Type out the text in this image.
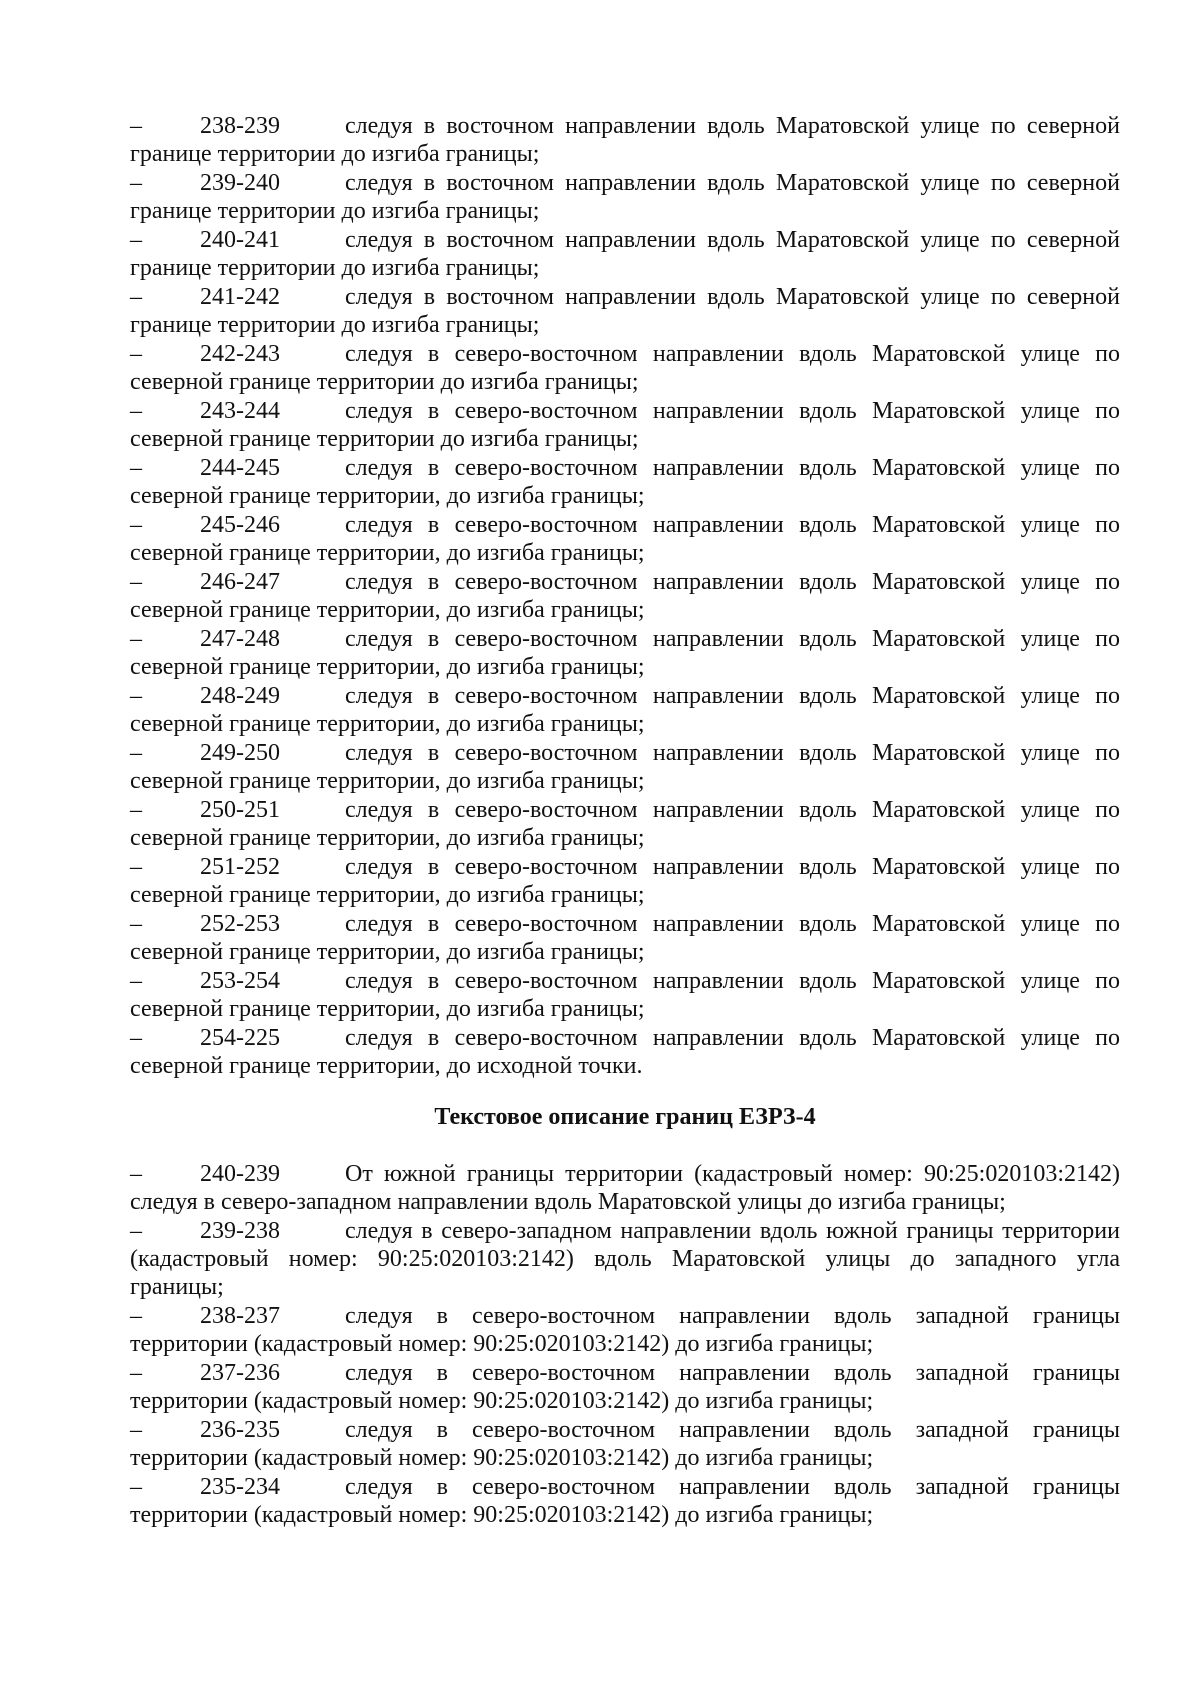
– 238-239	следуя в восточном направлении вдоль Маратовской улице по северной
границе территории до изгиба границы;
– 239-240	следуя в восточном направлении вдоль Маратовской улице по северной
границе территории до изгиба границы;
– 240-241	следуя в восточном направлении вдоль Маратовской улице по северной
границе территории до изгиба границы;
– 241-242	следуя в восточном направлении вдоль Маратовской улице по северной
границе территории до изгиба границы;
– 242-243	следуя в северо-восточном направлении вдоль Маратовской улице по
северной границе территории до изгиба границы;
– 243-244	следуя в северо-восточном направлении вдоль Маратовской улице по
северной границе территории до изгиба границы;
– 244-245	следуя в северо-восточном направлении вдоль Маратовской улице по
северной границе территории, до изгиба границы;
– 245-246	следуя в северо-восточном направлении вдоль Маратовской улице по
северной границе территории, до изгиба границы;
– 246-247	следуя в северо-восточном направлении вдоль Маратовской улице по
северной границе территории, до изгиба границы;
– 247-248	следуя в северо-восточном направлении вдоль Маратовской улице по
северной границе территории, до изгиба границы;
– 248-249	следуя в северо-восточном направлении вдоль Маратовской улице по
северной границе территории, до изгиба границы;
– 249-250	следуя в северо-восточном направлении вдоль Маратовской улице по
северной границе территории, до изгиба границы;
– 250-251	следуя в северо-восточном направлении вдоль Маратовской улице по
северной границе территории, до изгиба границы;
– 251-252	следуя в северо-восточном направлении вдоль Маратовской улице по
северной границе территории, до изгиба границы;
– 252-253	следуя в северо-восточном направлении вдоль Маратовской улице по
северной границе территории, до изгиба границы;
– 253-254	следуя в северо-восточном направлении вдоль Маратовской улице по
северной границе территории, до изгиба границы;
– 254-225	следуя в северо-восточном направлении вдоль Маратовской улице по
северной границе территории, до исходной точки.
Текстовое описание границ ЕЗРЗ-4
– 240-239	От южной границы территории (кадастровый номер: 90:25:020103:2142)
следуя в северо-западном направлении вдоль Маратовской улицы до изгиба границы;
– 239-238	следуя в северо-западном направлении вдоль южной границы территории
(кадастровый номер: 90:25:020103:2142) вдоль Маратовской улицы до западного угла
границы;
– 238-237	следуя в северо-восточном направлении вдоль западной границы
территории (кадастровый номер: 90:25:020103:2142) до изгиба границы;
– 237-236	следуя в северо-восточном направлении вдоль западной границы
территории (кадастровый номер: 90:25:020103:2142) до изгиба границы;
– 236-235	следуя в северо-восточном направлении вдоль западной границы
территории (кадастровый номер: 90:25:020103:2142) до изгиба границы;
– 235-234	следуя в северо-восточном направлении вдоль западной границы
территории (кадастровый номер: 90:25:020103:2142) до изгиба границы;
